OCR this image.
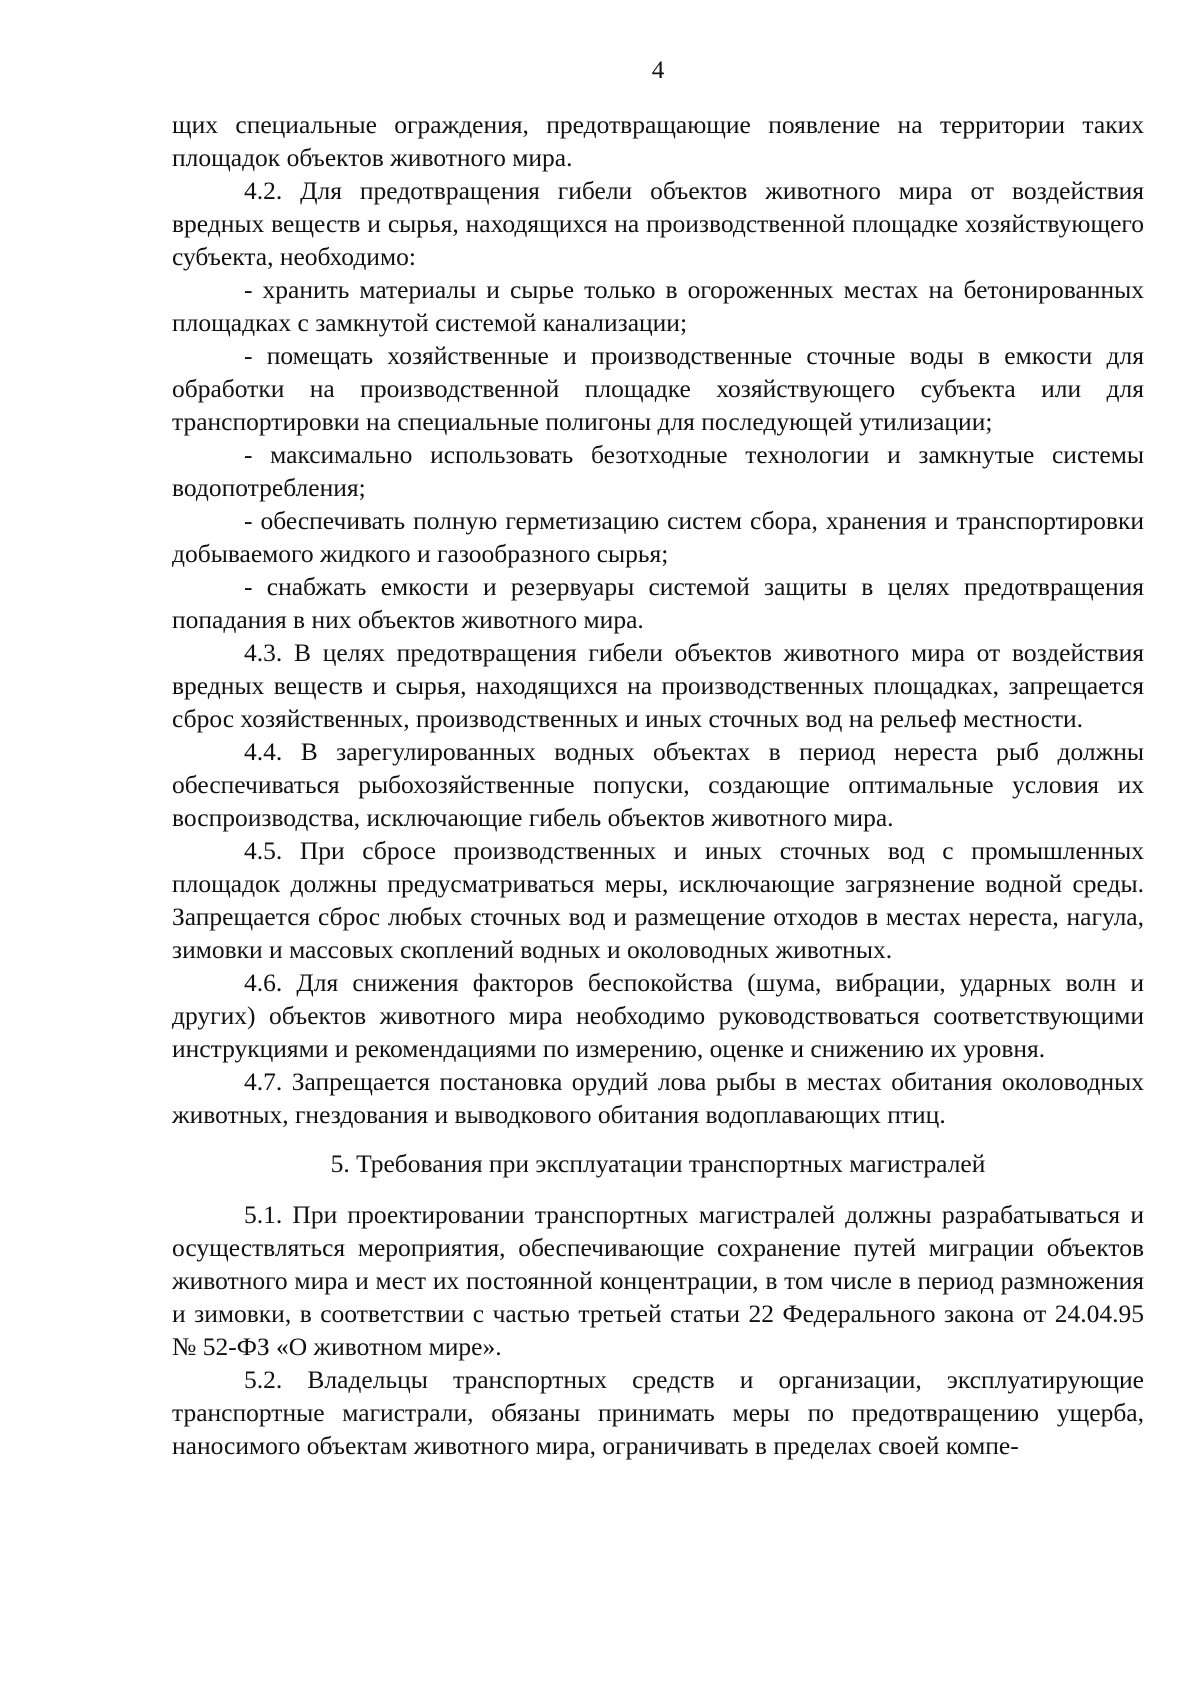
4

щих специальные ограждения, предотвращающие появление на территории таких площадок объектов животного мира.

4.2. Для предотвращения гибели объектов животного мира от воздействия вредных веществ и сырья, находящихся на производственной площадке хозяйствующего субъекта, необходимо:

- хранить материалы и сырье только в огороженных местах на бетонированных площадках с замкнутой системой канализации;

- помещать хозяйственные и производственные сточные воды в емкости для обработки на производственной площадке хозяйствующего субъекта или для транспортировки на специальные полигоны для последующей утилизации;

- максимально использовать безотходные технологии и замкнутые системы водопотребления;

- обеспечивать полную герметизацию систем сбора, хранения и транспортировки добываемого жидкого и газообразного сырья;

- снабжать емкости и резервуары системой защиты в целях предотвращения попадания в них объектов животного мира.

4.3. В целях предотвращения гибели объектов животного мира от воздействия вредных веществ и сырья, находящихся на производственных площадках, запрещается сброс хозяйственных, производственных и иных сточных вод на рельеф местности.

4.4. В зарегулированных водных объектах в период нереста рыб должны обеспечиваться рыбохозяйственные попуски, создающие оптимальные условия их воспроизводства, исключающие гибель объектов животного мира.

4.5. При сбросе производственных и иных сточных вод с промышленных площадок должны предусматриваться меры, исключающие загрязнение водной среды. Запрещается сброс любых сточных вод и размещение отходов в местах нереста, нагула, зимовки и массовых скоплений водных и околоводных животных.

4.6. Для снижения факторов беспокойства (шума, вибрации, ударных волн и других) объектов животного мира необходимо руководствоваться соответствующими инструкциями и рекомендациями по измерению, оценке и снижению их уровня.

4.7. Запрещается постановка орудий лова рыбы в местах обитания околоводных животных, гнездования и выводкового обитания водоплавающих птиц.

5. Требования при эксплуатации транспортных магистралей

5.1. При проектировании транспортных магистралей должны разрабатываться и осуществляться мероприятия, обеспечивающие сохранение путей миграции объектов животного мира и мест их постоянной концентрации, в том числе в период размножения и зимовки, в соответствии с частью третьей статьи 22 Федерального закона от 24.04.95 № 52-ФЗ «О животном мире».

5.2. Владельцы транспортных средств и организации, эксплуатирующие транспортные магистрали, обязаны принимать меры по предотвращению ущерба, наносимого объектам животного мира, ограничивать в пределах своей компе-
